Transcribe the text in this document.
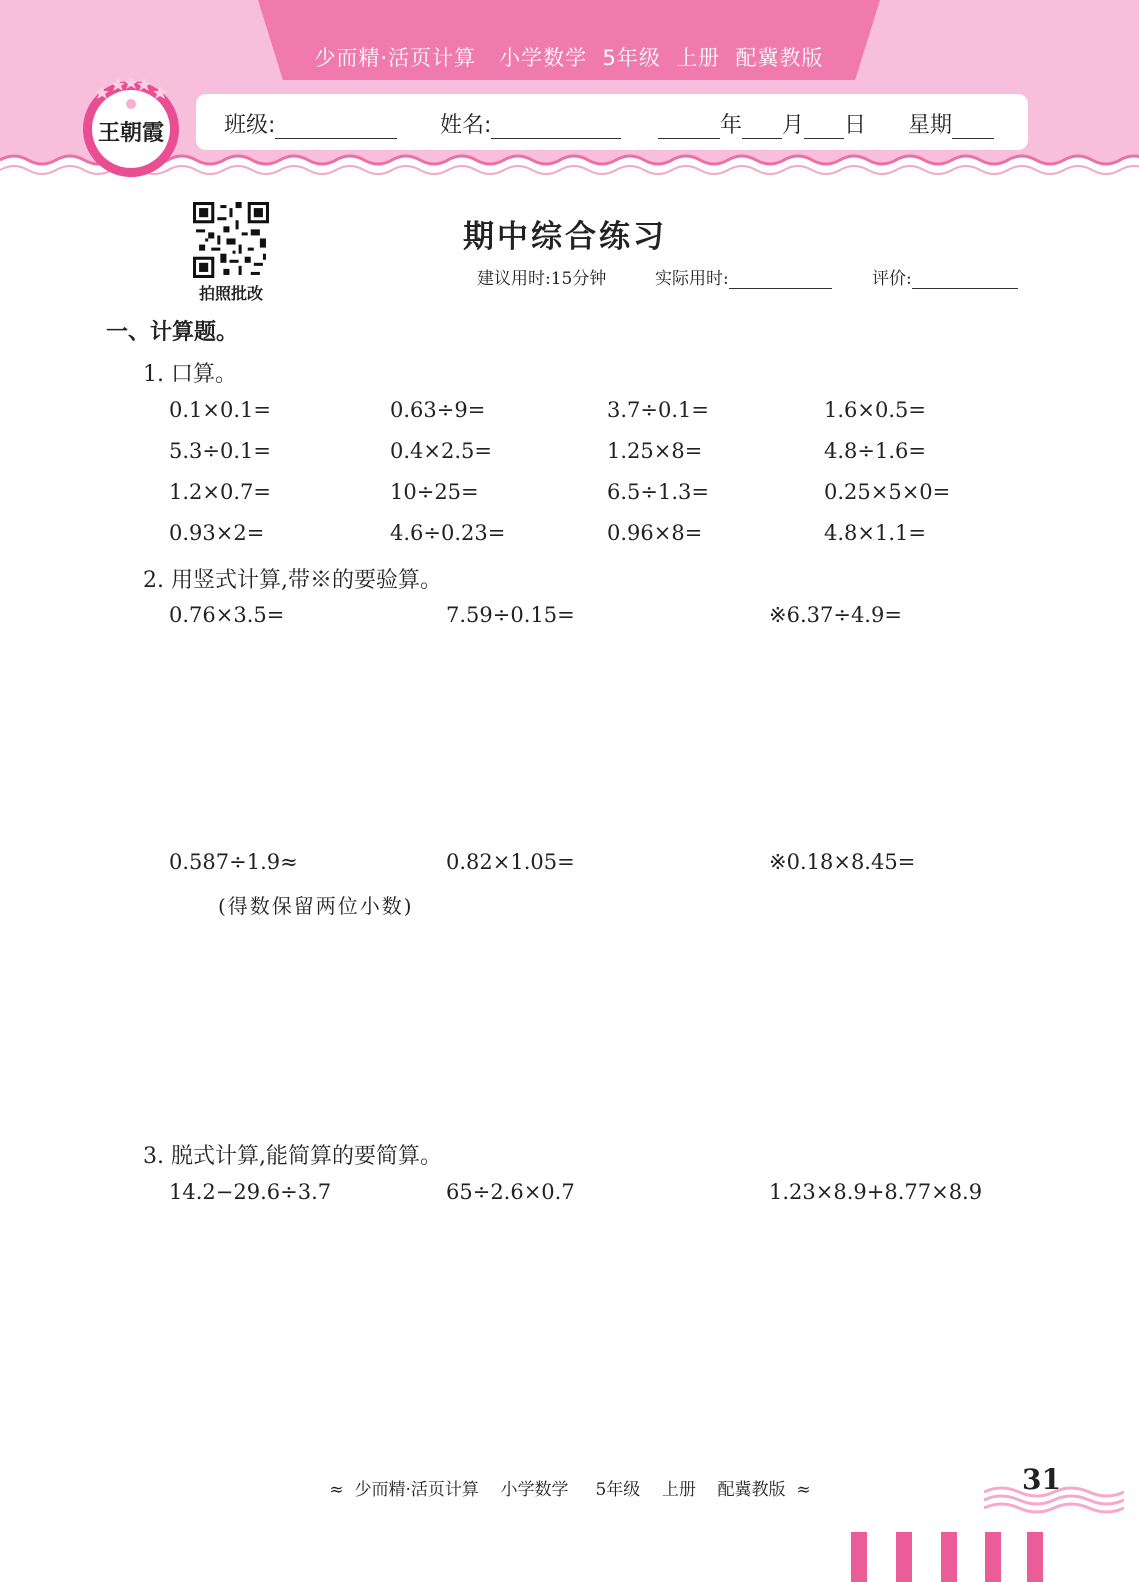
少而精·活页计算   小学数学  5年级  上册  配冀教版
班级:	姓名:	年 月 日 星期
王朝霞
拍照批改
期中综合练习
建议用时:15分钟	实际用时:	评价:
一、计算题。
1. 口算。
0.1×0.1=	0.63÷9=	3.7÷0.1=	1.6×0.5=
5.3÷0.1=	0.4×2.5=	1.25×8=	4.8÷1.6=
1.2×0.7=	10÷25=	6.5÷1.3=	0.25×5×0=
0.93×2=	4.6÷0.23=	0.96×8=	4.8×1.1=
2. 用竖式计算,带※的要验算。
0.76×3.5=	7.59÷0.15=	※6.37÷4.9=
0.587÷1.9≈	0.82×1.05=	※0.18×8.45=
(得数保留两位小数)
3. 脱式计算,能简算的要简算。
14.2−29.6÷3.7	65÷2.6×0.7	1.23×8.9+8.77×8.9
≈  少而精·活页计算    小学数学     5年级    上册    配冀教版  ≈	31
